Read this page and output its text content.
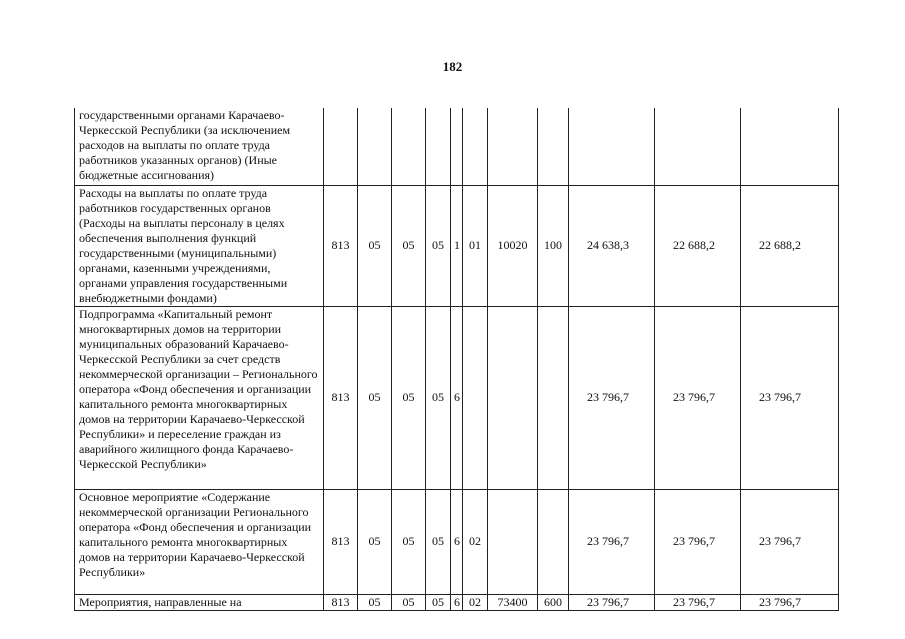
182
государственными органами Карачаево-Черкесской Республики (за исключением расходов на выплаты по оплате труда работников указанных органов) (Иные бюджетные ассигнования)											
Расходы на выплаты по оплате труда работников государственных органов (Расходы на выплаты персоналу в целях обеспечения выполнения функций государственными (муниципальными) органами, казенными учреждениями, органами управления государственными внебюджетными фондами)	813	05	05	05	1	01	10020	100	24 638,3	22 688,2	22 688,2
Подпрограмма «Капитальный ремонт многоквартирных домов на территории муниципальных образований Карачаево-Черкесской Республики за счет средств некоммерческой организации – Регионального оператора «Фонд обеспечения и организации капитального ремонта многоквартирных домов на территории Карачаево-Черкесской Республики» и переселение граждан из аварийного жилищного фонда Карачаево-Черкесской Республики»	813	05	05	05	6				23 796,7	23 796,7	23 796,7
Основное мероприятие «Содержание некоммерческой организации Регионального оператора «Фонд обеспечения и организации капитального ремонта многоквартирных домов на территории Карачаево-Черкесской Республики»	813	05	05	05	6	02			23 796,7	23 796,7	23 796,7
Мероприятия, направленные на	813	05	05	05	6	02	73400	600	23 796,7	23 796,7	23 796,7
